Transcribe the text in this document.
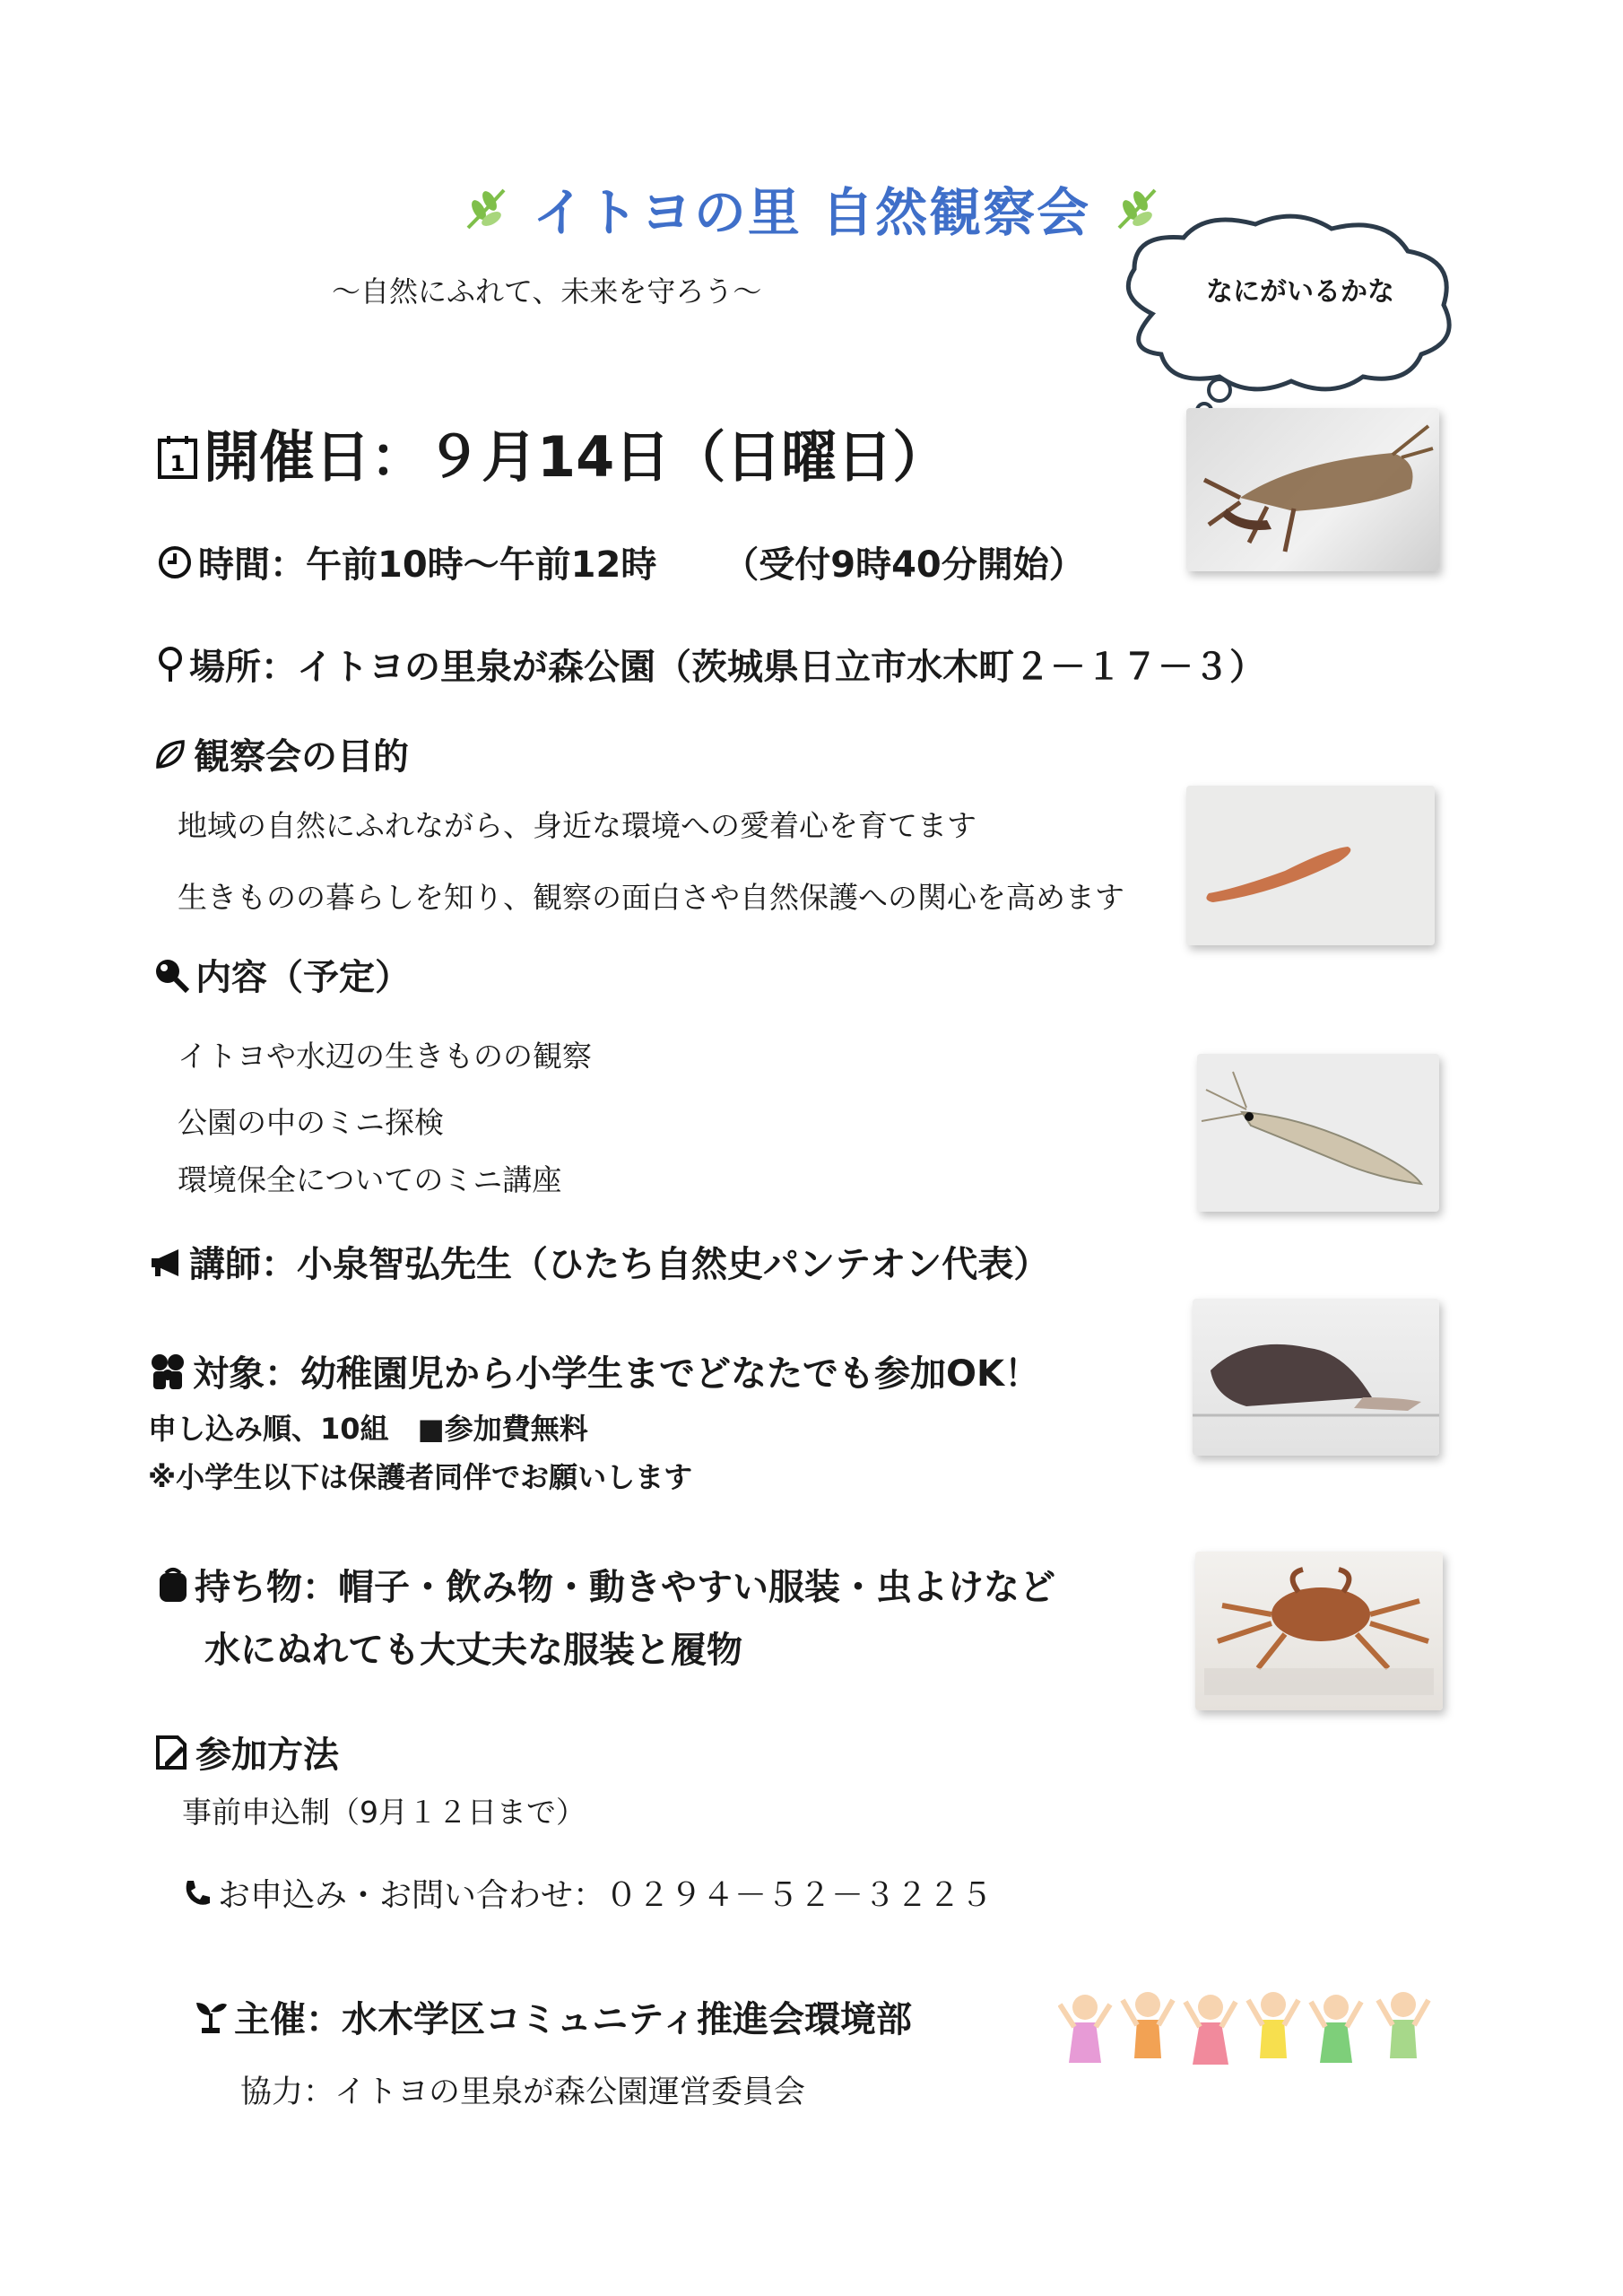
イトヨの里 自然観察会
～自然にふれて、未来を守ろう～	なにがいるかな
1 開催日：９月14日（日曜日）
時間：午前10時～午前12時 （受付9時40分開始）
場所：イトヨの里泉が森公園（茨城県日立市水木町２－１７－３）
観察会の目的
地域の自然にふれながら、身近な環境への愛着心を育てます
生きものの暮らしを知り、観察の面白さや自然保護への関心を高めます
内容（予定）
イトヨや水辺の生きものの観察
公園の中のミニ探検
環境保全についてのミニ講座
講師：小泉智弘先生（ひたち自然史パンテオン代表）
対象：幼稚園児から小学生までどなたでも参加OK！
申し込み順、10組　■参加費無料
※小学生以下は保護者同伴でお願いします
持ち物：帽子・飲み物・動きやすい服装・虫よけなど
水にぬれても大丈夫な服装と履物
参加方法
事前申込制（9月１２日まで）
お申込み・お問い合わせ：０２９４－５２－３２２５
主催：水木学区コミュニティ推進会環境部
協力：イトヨの里泉が森公園運営委員会
